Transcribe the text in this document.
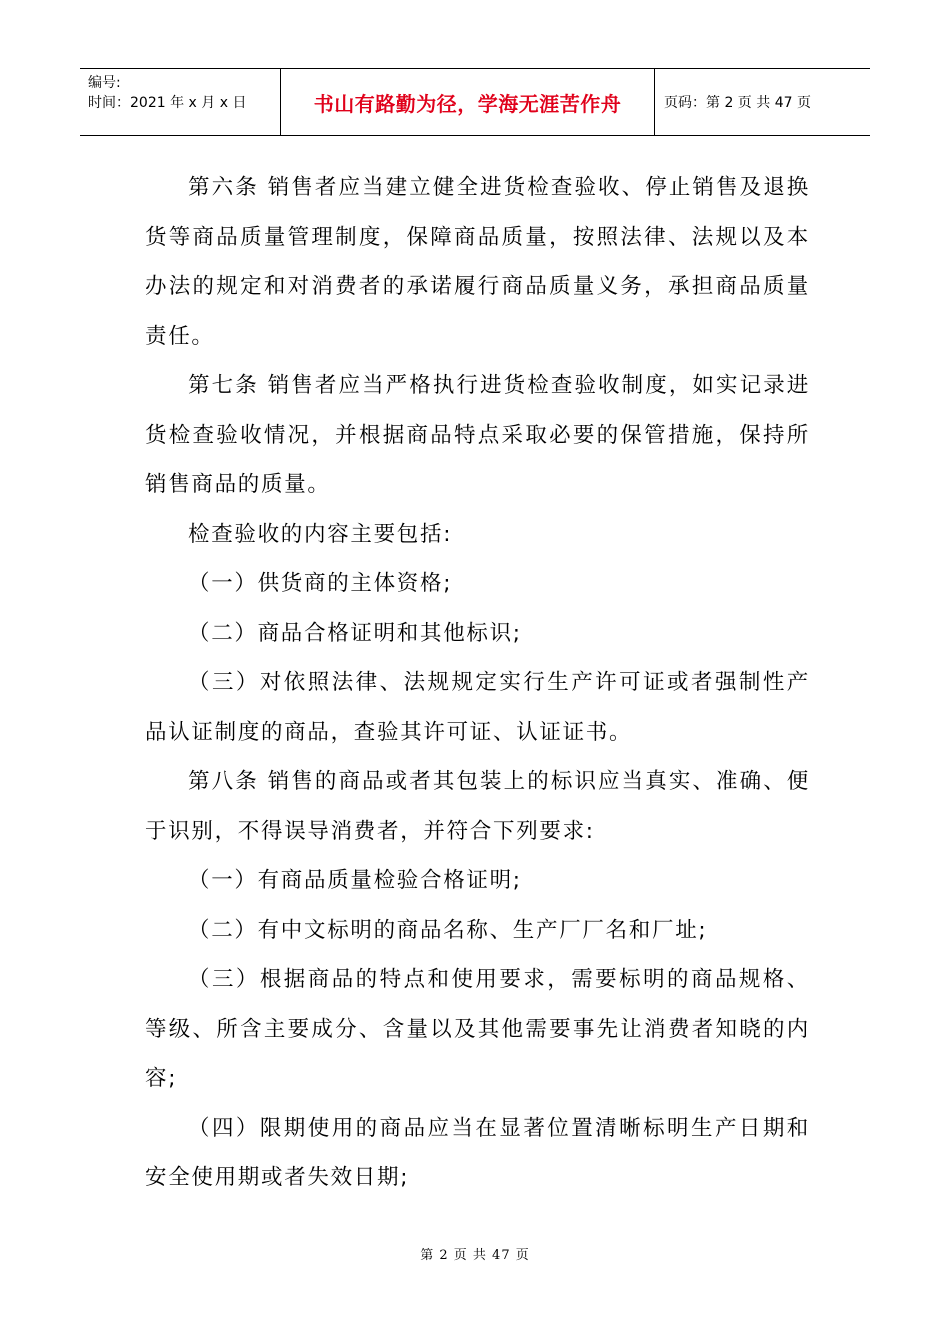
编号:
时间：2021 年 x 月 x 日	书山有路勤为径，学海无涯苦作舟	页码：第 2 页 共 47 页

第六条 销售者应当建立健全进货检查验收、停止销售及退换货等商品质量管理制度，保障商品质量，按照法律、法规以及本办法的规定和对消费者的承诺履行商品质量义务，承担商品质量责任。

第七条 销售者应当严格执行进货检查验收制度，如实记录进货检查验收情况，并根据商品特点采取必要的保管措施，保持所销售商品的质量。

检查验收的内容主要包括:

（一）供货商的主体资格;

（二）商品合格证明和其他标识;

（三）对依照法律、法规规定实行生产许可证或者强制性产品认证制度的商品，查验其许可证、认证证书。

第八条 销售的商品或者其包装上的标识应当真实、准确、便于识别，不得误导消费者，并符合下列要求:

（一）有商品质量检验合格证明;

（二）有中文标明的商品名称、生产厂厂名和厂址;

（三）根据商品的特点和使用要求，需要标明的商品规格、等级、所含主要成分、含量以及其他需要事先让消费者知晓的内容;

（四）限期使用的商品应当在显著位置清晰标明生产日期和安全使用期或者失效日期;

第 2 页 共 47 页
